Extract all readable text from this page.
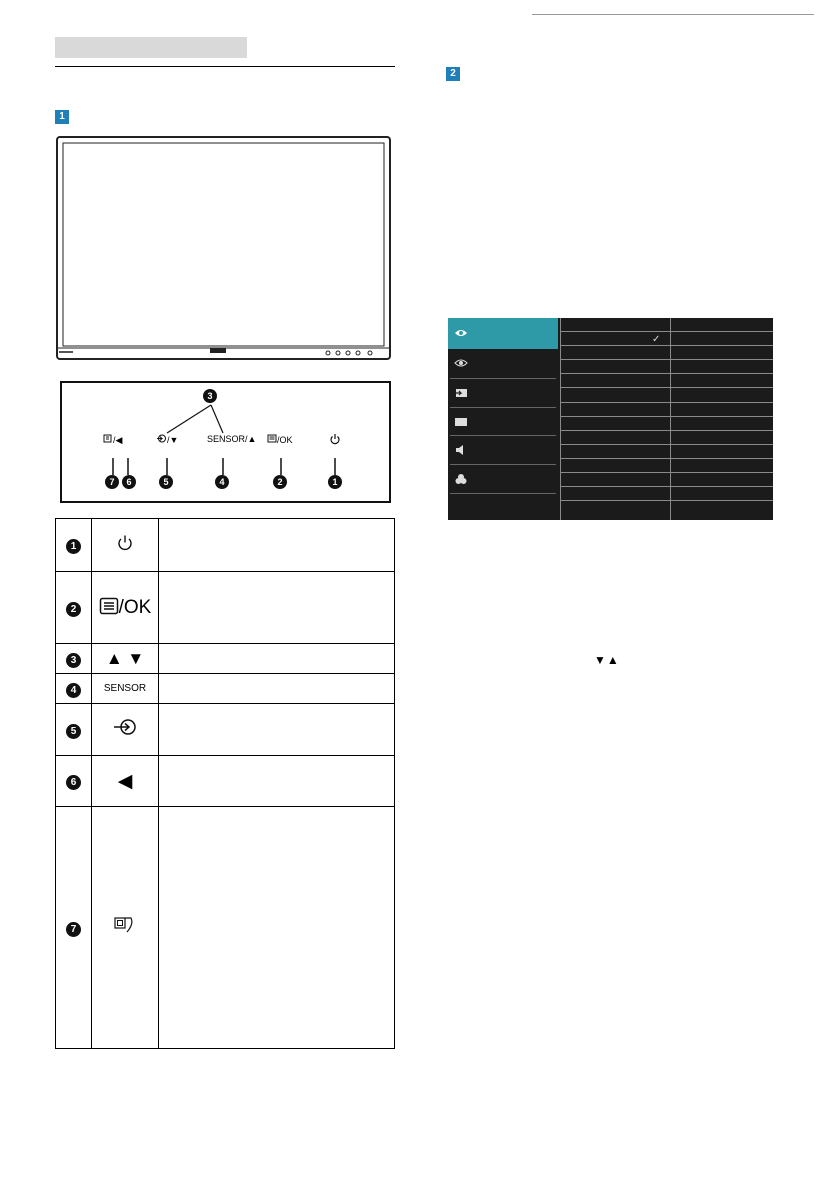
1
2
/◀	/▼	SENSOR/▲	/OK
3
7	6	5	4	2	1
1		
2	/OK	
3	▲ ▼	
4	SENSOR	
5		
6	◀	
7		
✓
▼▲
